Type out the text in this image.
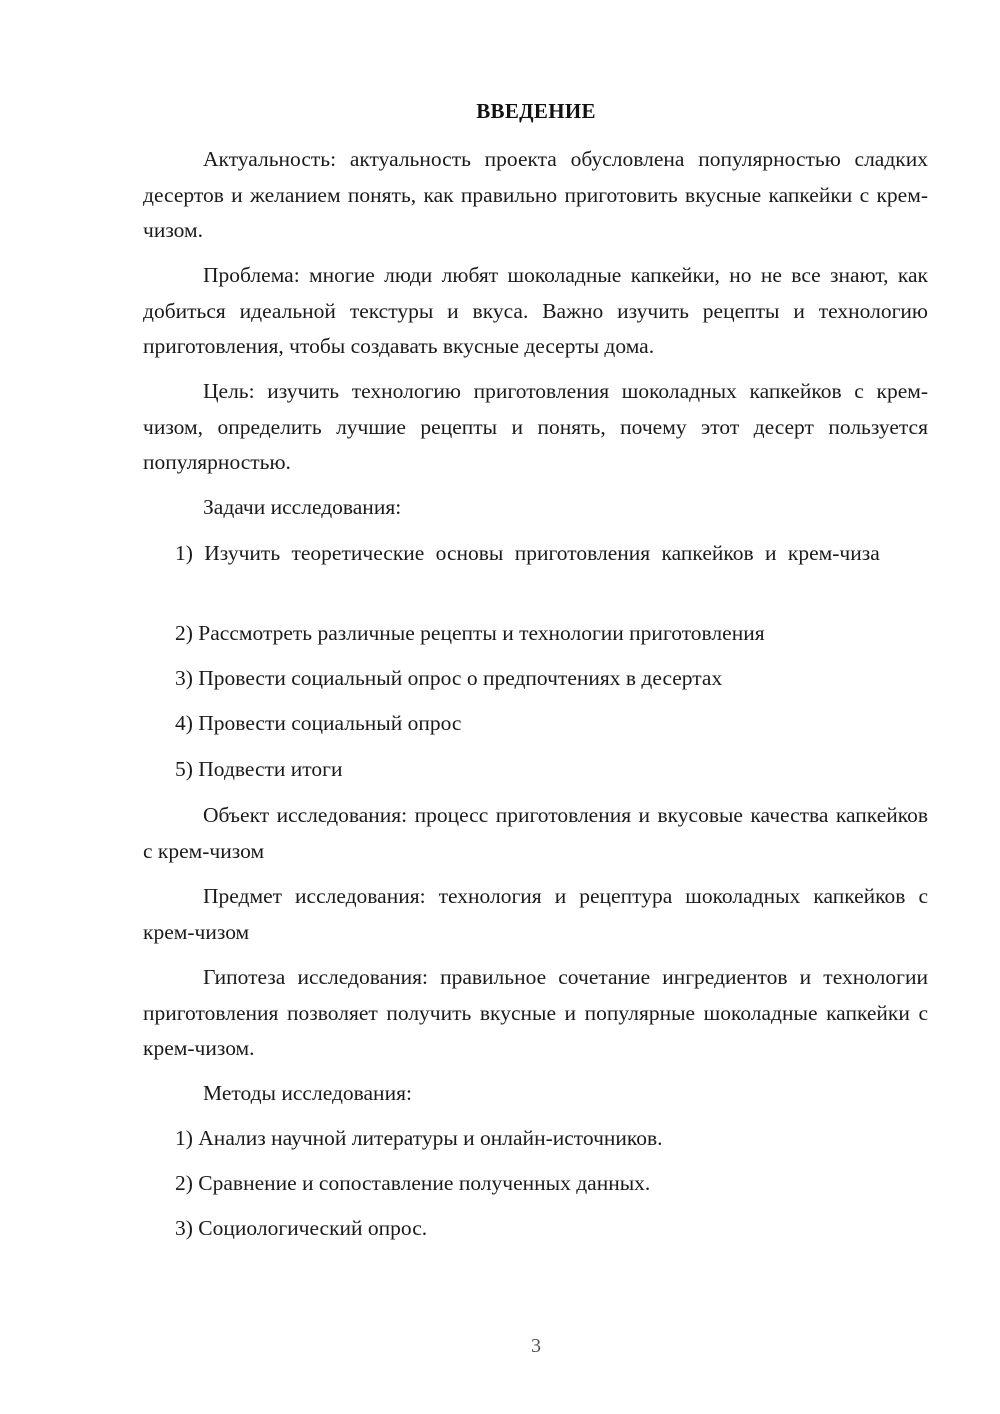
ВВЕДЕНИЕ

Актуальность: актуальность проекта обусловлена популярностью сладких десертов и желанием понять, как правильно приготовить вкусные капкейки с крем-чизом.

Проблема: многие люди любят шоколадные капкейки, но не все знают, как добиться идеальной текстуры и вкуса. Важно изучить рецепты и технологию приготовления, чтобы создавать вкусные десерты дома.

Цель: изучить технологию приготовления шоколадных капкейков с крем-чизом, определить лучшие рецепты и понять, почему этот десерт пользуется популярностью.

Задачи исследования:

1) Изучить теоретические основы приготовления капкейков и крем-чиза

2) Рассмотреть различные рецепты и технологии приготовления

3) Провести социальный опрос о предпочтениях в десертах

4) Провести социальный опрос

5) Подвести итоги

Объект исследования: процесс приготовления и вкусовые качества капкейков с крем-чизом

Предмет исследования: технология и рецептура шоколадных капкейков с крем-чизом

Гипотеза исследования: правильное сочетание ингредиентов и технологии приготовления позволяет получить вкусные и популярные шоколадные капкейки с крем-чизом.

Методы исследования:

1) Анализ научной литературы и онлайн-источников.

2) Сравнение и сопоставление полученных данных.

3) Социологический опрос.

3
